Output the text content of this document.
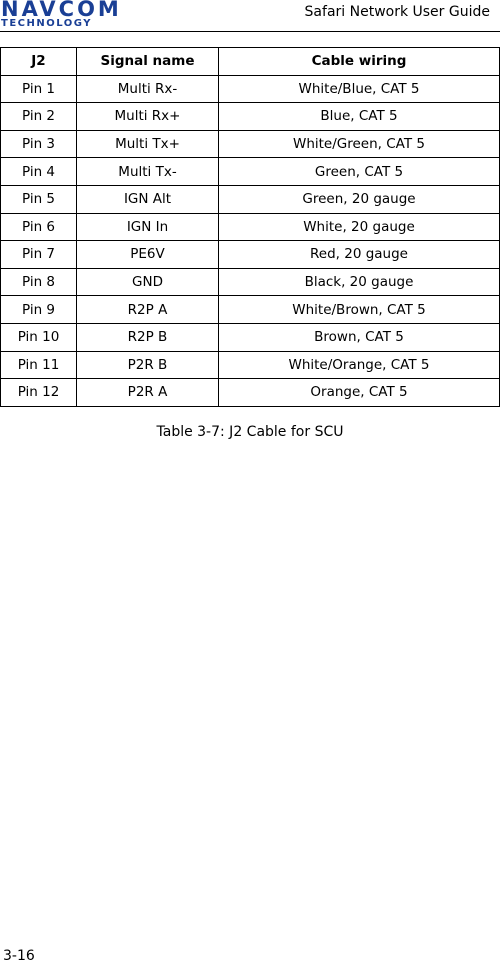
NAVCOM
TECHNOLOGY
Safari Network User Guide
J2	Signal name	Cable wiring
Pin 1	Multi Rx-	White/Blue, CAT 5
Pin 2	Multi Rx+	Blue, CAT 5
Pin 3	Multi Tx+	White/Green, CAT 5
Pin 4	Multi Tx-	Green, CAT 5
Pin 5	IGN Alt	Green, 20 gauge
Pin 6	IGN In	White, 20 gauge
Pin 7	PE6V	Red, 20 gauge
Pin 8	GND	Black, 20 gauge
Pin 9	R2P A	White/Brown, CAT 5
Pin 10	R2P B	Brown, CAT 5
Pin 11	P2R B	White/Orange, CAT 5
Pin 12	P2R A	Orange, CAT 5
Table 3-7: J2 Cable for SCU
3-16
